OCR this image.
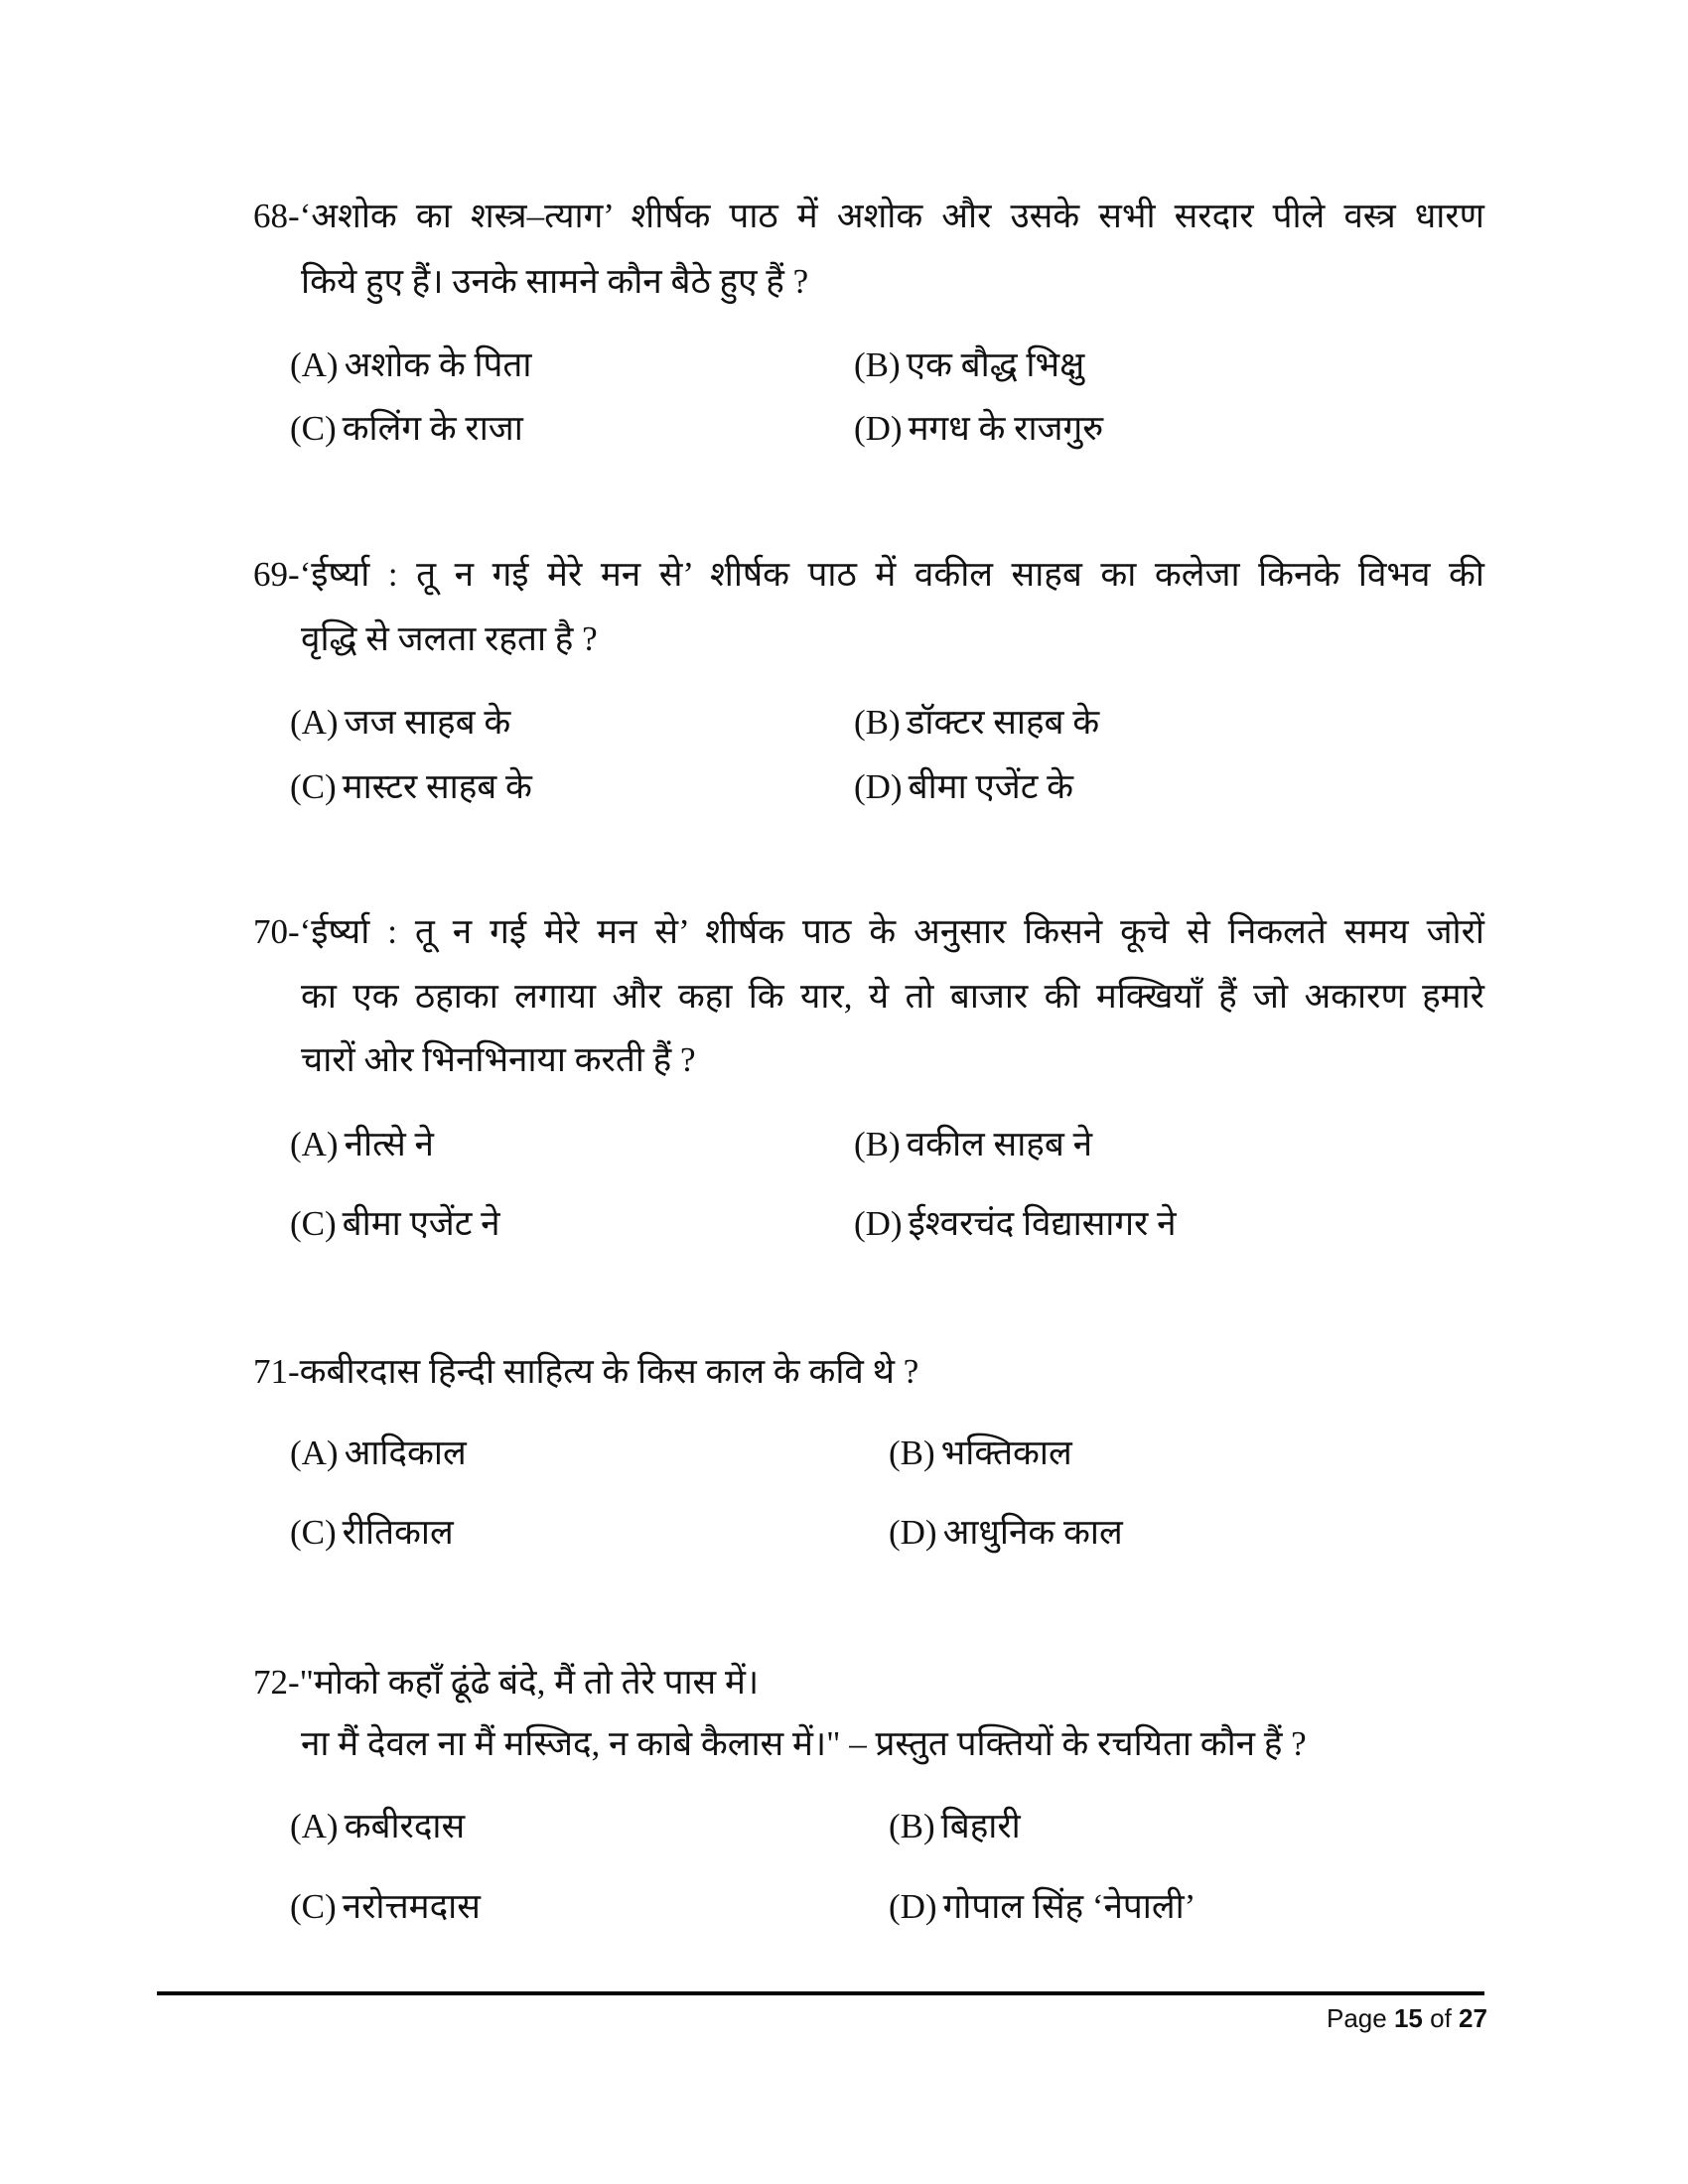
68-‘अशोक का शस्त्र–त्याग’ शीर्षक पाठ में अशोक और उसके सभी सरदार पीले वस्त्र धारण
किये हुए हैं। उनके सामने कौन बैठे हुए हैं ?
(A) अशोक के पिता	(B) एक बौद्ध भिक्षु
(C) कलिंग के राजा	(D) मगध के राजगुरु
69-‘ईर्ष्या : तू न गई मेरे मन से’ शीर्षक पाठ में वकील साहब का कलेजा किनके विभव की
वृद्धि से जलता रहता है ?
(A) जज साहब के	(B) डॉक्टर साहब के
(C) मास्टर साहब के	(D) बीमा एजेंट के
70-‘ईर्ष्या : तू न गई मेरे मन से’ शीर्षक पाठ के अनुसार किसने कूचे से निकलते समय जोरों
का एक ठहाका लगाया और कहा कि यार, ये तो बाजार की मक्खियाँ हैं जो अकारण हमारे
चारों ओर भिनभिनाया करती हैं ?
(A) नीत्से ने	(B) वकील साहब ने
(C) बीमा एजेंट ने	(D) ईश्वरचंद विद्यासागर ने
71-कबीरदास हिन्दी साहित्य के किस काल के कवि थे ?
(A) आदिकाल	(B) भक्तिकाल
(C) रीतिकाल	(D) आधुनिक काल
72-"मोको कहाँ ढूंढे बंदे, मैं तो तेरे पास में।
ना मैं देवल ना मैं मस्जिद, न काबे कैलास में।" – प्रस्तुत पक्तियों के रचयिता कौन हैं ?
(A) कबीरदास	(B) बिहारी
(C) नरोत्तमदास	(D) गोपाल सिंह ‘नेपाली’
Page 15 of 27
